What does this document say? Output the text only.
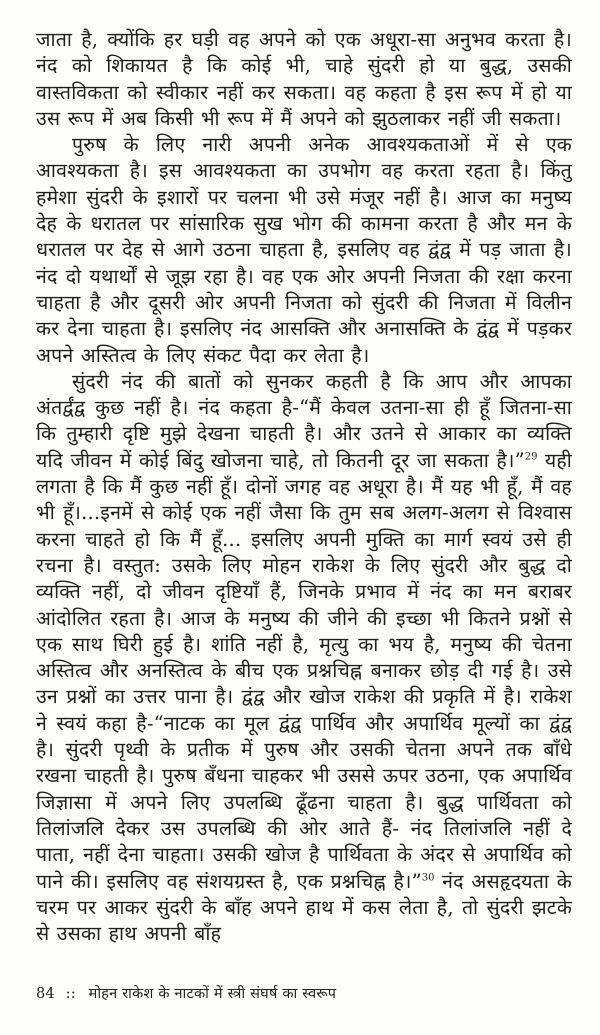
जाता है, क्योंकि हर घड़ी वह अपने को एक अधूरा-सा अनुभव करता है। नंद को शिकायत है कि कोई भी, चाहे सुंदरी हो या बुद्ध, उसकी वास्तविकता को स्वीकार नहीं कर सकता। वह कहता है इस रूप में हो या उस रूप में अब किसी भी रूप में मैं अपने को झुठलाकर नहीं जी सकता।

पुरुष के लिए नारी अपनी अनेक आवश्यकताओं में से एक आवश्यकता है। इस आवश्यकता का उपभोग वह करता रहता है। किंतु हमेशा सुंदरी के इशारों पर चलना भी उसे मंजूर नहीं है। आज का मनुष्य देह के धरातल पर सांसारिक सुख भोग की कामना करता है और मन के धरातल पर देह से आगे उठना चाहता है, इसलिए वह द्वंद्व में पड़ जाता है। नंद दो यथार्थों से जूझ रहा है। वह एक ओर अपनी निजता की रक्षा करना चाहता है और दूसरी ओर अपनी निजता को सुंदरी की निजता में विलीन कर देना चाहता है। इसलिए नंद आसक्ति और अनासक्ति के द्वंद्व में पड़कर अपने अस्तित्व के लिए संकट पैदा कर लेता है।

सुंदरी नंद की बातों को सुनकर कहती है कि आप और आपका अंतर्द्वंद्व कुछ नहीं है। नंद कहता है-“मैं केवल उतना-सा ही हूँ जितना-सा कि तुम्हारी दृष्टि मुझे देखना चाहती है। और उतने से आकार का व्यक्ति यदि जीवन में कोई बिंदु खोजना चाहे, तो कितनी दूर जा सकता है।”$^{29}$ यही लगता है कि मैं कुछ नहीं हूँ। दोनों जगह वह अधूरा है। मैं यह भी हूँ, मैं वह भी हूँ।...इनमें से कोई एक नहीं जैसा कि तुम सब अलग-अलग से विश्वास करना चाहते हो कि मैं हूँ... इसलिए अपनी मुक्ति का मार्ग स्वयं उसे ही रचना है। वस्तुत: उसके लिए मोहन राकेश के लिए सुंदरी और बुद्ध दो व्यक्ति नहीं, दो जीवन दृष्टियाँ हैं, जिनके प्रभाव में नंद का मन बराबर आंदोलित रहता है। आज के मनुष्य की जीने की इच्छा भी कितने प्रश्नों से एक साथ घिरी हुई है। शांति नहीं है, मृत्यु का भय है, मनुष्य की चेतना अस्तित्व और अनस्तित्व के बीच एक प्रश्नचिह्न बनाकर छोड़ दी गई है। उसे उन प्रश्नों का उत्तर पाना है। द्वंद्व और खोज राकेश की प्रकृति में है। राकेश ने स्वयं कहा है-“नाटक का मूल द्वंद्व पार्थिव और अपार्थिव मूल्यों का द्वंद्व है। सुंदरी पृथ्वी के प्रतीक में पुरुष और उसकी चेतना अपने तक बाँधे रखना चाहती है। पुरुष बँधना चाहकर भी उससे ऊपर उठना, एक अपार्थिव जिज्ञासा में अपने लिए उपलब्धि ढूँढना चाहता है। बुद्ध पार्थिवता को तिलांजलि देकर उस उपलब्धि की ओर आते हैं- नंद तिलांजलि नहीं दे पाता, नहीं देना चाहता। उसकी खोज है पार्थिवता के अंदर से अपार्थिव को पाने की। इसलिए वह संशयग्रस्त है, एक प्रश्नचिह्न है।”$^{30}$ नंद असहृदयता के चरम पर आकर सुंदरी के बाँह अपने हाथ में कस लेता है, तो सुंदरी झटके से उसका हाथ अपनी बाँह

84 :: मोहन राकेश के नाटकों में स्त्री संघर्ष का स्वरूप
